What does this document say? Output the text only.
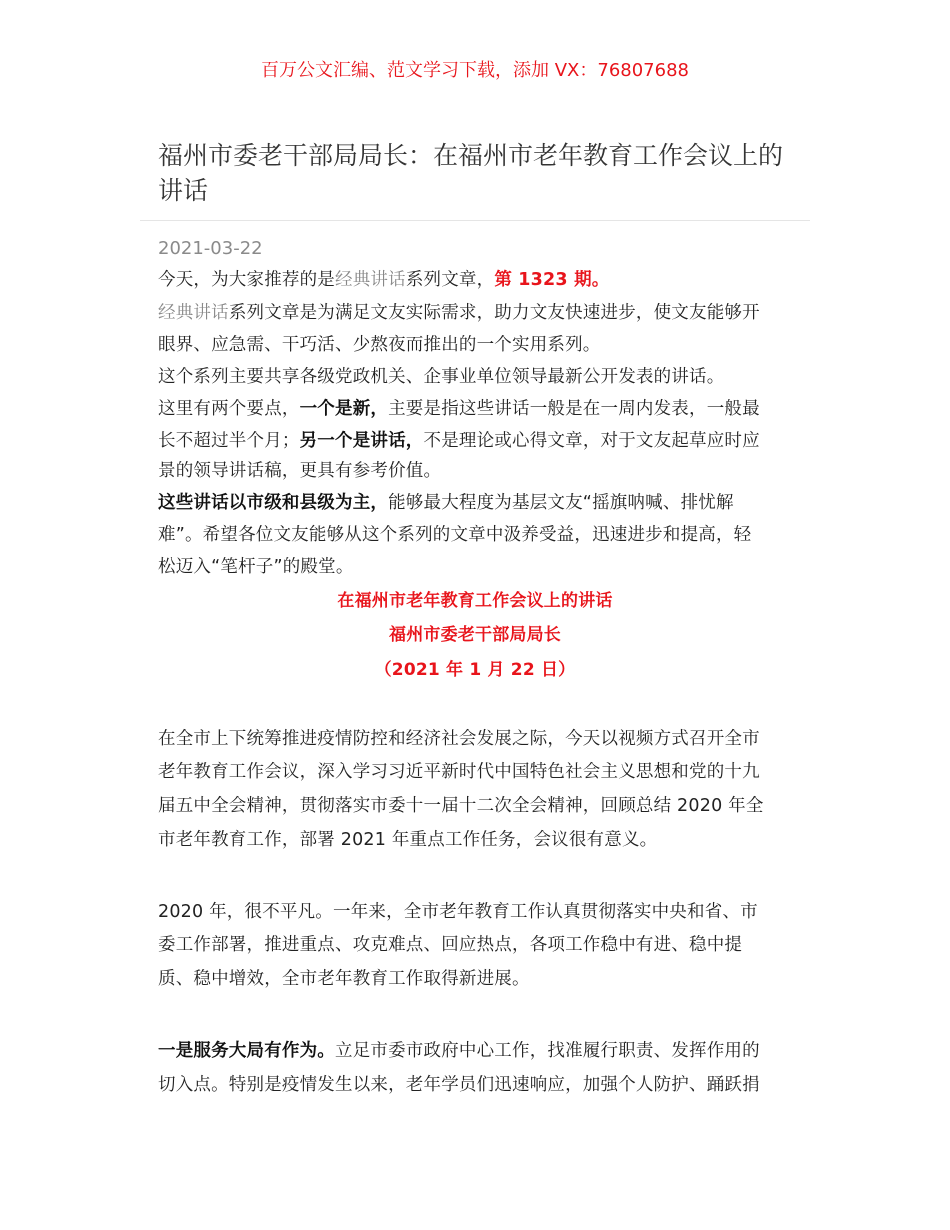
百万公文汇编、范文学习下载，添加 VX：76807688
福州市委老干部局局长：在福州市老年教育工作会议上的讲话
2021-03-22
今天，为大家推荐的是经典讲话系列文章，第 1323 期。
经典讲话系列文章是为满足文友实际需求，助力文友快速进步，使文友能够开
眼界、应急需、干巧活、少熬夜而推出的一个实用系列。
这个系列主要共享各级党政机关、企事业单位领导最新公开发表的讲话。
这里有两个要点，一个是新，主要是指这些讲话一般是在一周内发表，一般最
长不超过半个月；另一个是讲话，不是理论或心得文章，对于文友起草应时应
景的领导讲话稿，更具有参考价值。
这些讲话以市级和县级为主，能够最大程度为基层文友“摇旗呐喊、排忧解
难”。希望各位文友能够从这个系列的文章中汲养受益，迅速进步和提高，轻
松迈入“笔杆子”的殿堂。
在福州市老年教育工作会议上的讲话
福州市委老干部局局长
（2021 年 1 月 22 日）
在全市上下统筹推进疫情防控和经济社会发展之际，今天以视频方式召开全市
老年教育工作会议，深入学习习近平新时代中国特色社会主义思想和党的十九
届五中全会精神，贯彻落实市委十一届十二次全会精神，回顾总结 2020 年全
市老年教育工作，部署 2021 年重点工作任务，会议很有意义。
2020 年，很不平凡。一年来，全市老年教育工作认真贯彻落实中央和省、市
委工作部署，推进重点、攻克难点、回应热点，各项工作稳中有进、稳中提
质、稳中增效，全市老年教育工作取得新进展。
一是服务大局有作为。立足市委市政府中心工作，找准履行职责、发挥作用的
切入点。特别是疫情发生以来，老年学员们迅速响应，加强个人防护、踊跃捐
